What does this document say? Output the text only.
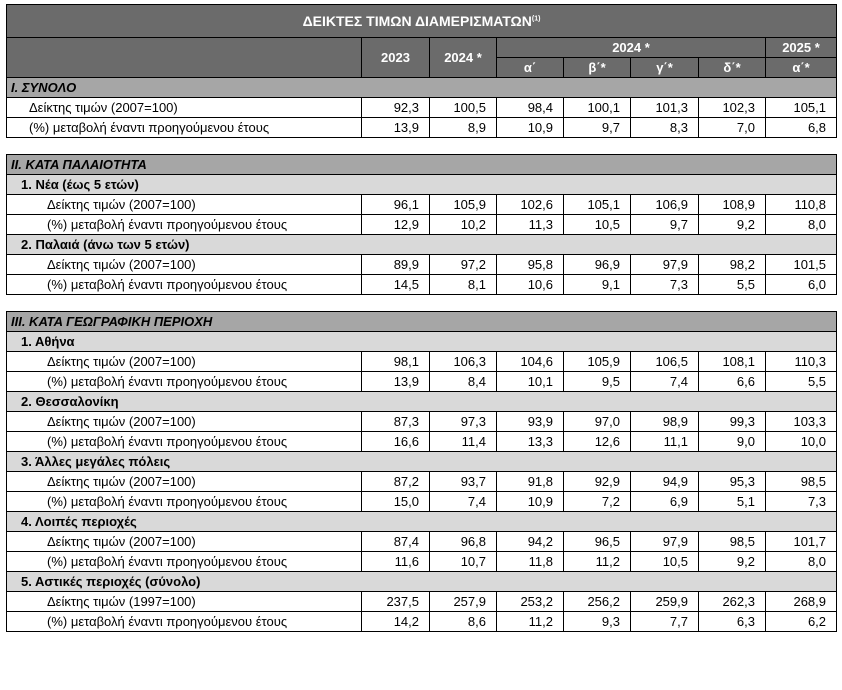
ΔΕΙΚΤΕΣ ΤΙΜΩΝ ΔΙΑΜΕΡΙΣΜΑΤΩΝ$^{(1)}$
	2023	2024 *	2024 *				2025 *
			α΄	β΄*	γ΄*	δ΄*	α΄*
I. ΣΥΝΟΛΟ							
Δείκτης τιμών (2007=100)	92,3	100,5	98,4	100,1	101,3	102,3	105,1
(%) μεταβολή έναντι προηγούμενου έτους	13,9	8,9	10,9	9,7	8,3	7,0	6,8

II. ΚΑΤΑ ΠΑΛΑΙΟΤΗΤΑ							
1. Νέα (έως 5 ετών)							
Δείκτης τιμών (2007=100)	96,1	105,9	102,6	105,1	106,9	108,9	110,8
(%) μεταβολή έναντι προηγούμενου έτους	12,9	10,2	11,3	10,5	9,7	9,2	8,0
2. Παλαιά (άνω των 5 ετών)							
Δείκτης τιμών (2007=100)	89,9	97,2	95,8	96,9	97,9	98,2	101,5
(%) μεταβολή έναντι προηγούμενου έτους	14,5	8,1	10,6	9,1	7,3	5,5	6,0

III. ΚΑΤΑ ΓΕΩΓΡΑΦΙΚΗ ΠΕΡΙΟΧΗ							
1. Αθήνα							
Δείκτης τιμών (2007=100)	98,1	106,3	104,6	105,9	106,5	108,1	110,3
(%) μεταβολή έναντι προηγούμενου έτους	13,9	8,4	10,1	9,5	7,4	6,6	5,5
2. Θεσσαλονίκη							
Δείκτης τιμών (2007=100)	87,3	97,3	93,9	97,0	98,9	99,3	103,3
(%) μεταβολή έναντι προηγούμενου έτους	16,6	11,4	13,3	12,6	11,1	9,0	10,0
3. Άλλες μεγάλες πόλεις							
Δείκτης τιμών (2007=100)	87,2	93,7	91,8	92,9	94,9	95,3	98,5
(%) μεταβολή έναντι προηγούμενου έτους	15,0	7,4	10,9	7,2	6,9	5,1	7,3
4. Λοιπές περιοχές							
Δείκτης τιμών (2007=100)	87,4	96,8	94,2	96,5	97,9	98,5	101,7
(%) μεταβολή έναντι προηγούμενου έτους	11,6	10,7	11,8	11,2	10,5	9,2	8,0
5. Αστικές περιοχές (σύνολο)							
Δείκτης τιμών (1997=100)	237,5	257,9	253,2	256,2	259,9	262,3	268,9
(%) μεταβολή έναντι προηγούμενου έτους	14,2	8,6	11,2	9,3	7,7	6,3	6,2
